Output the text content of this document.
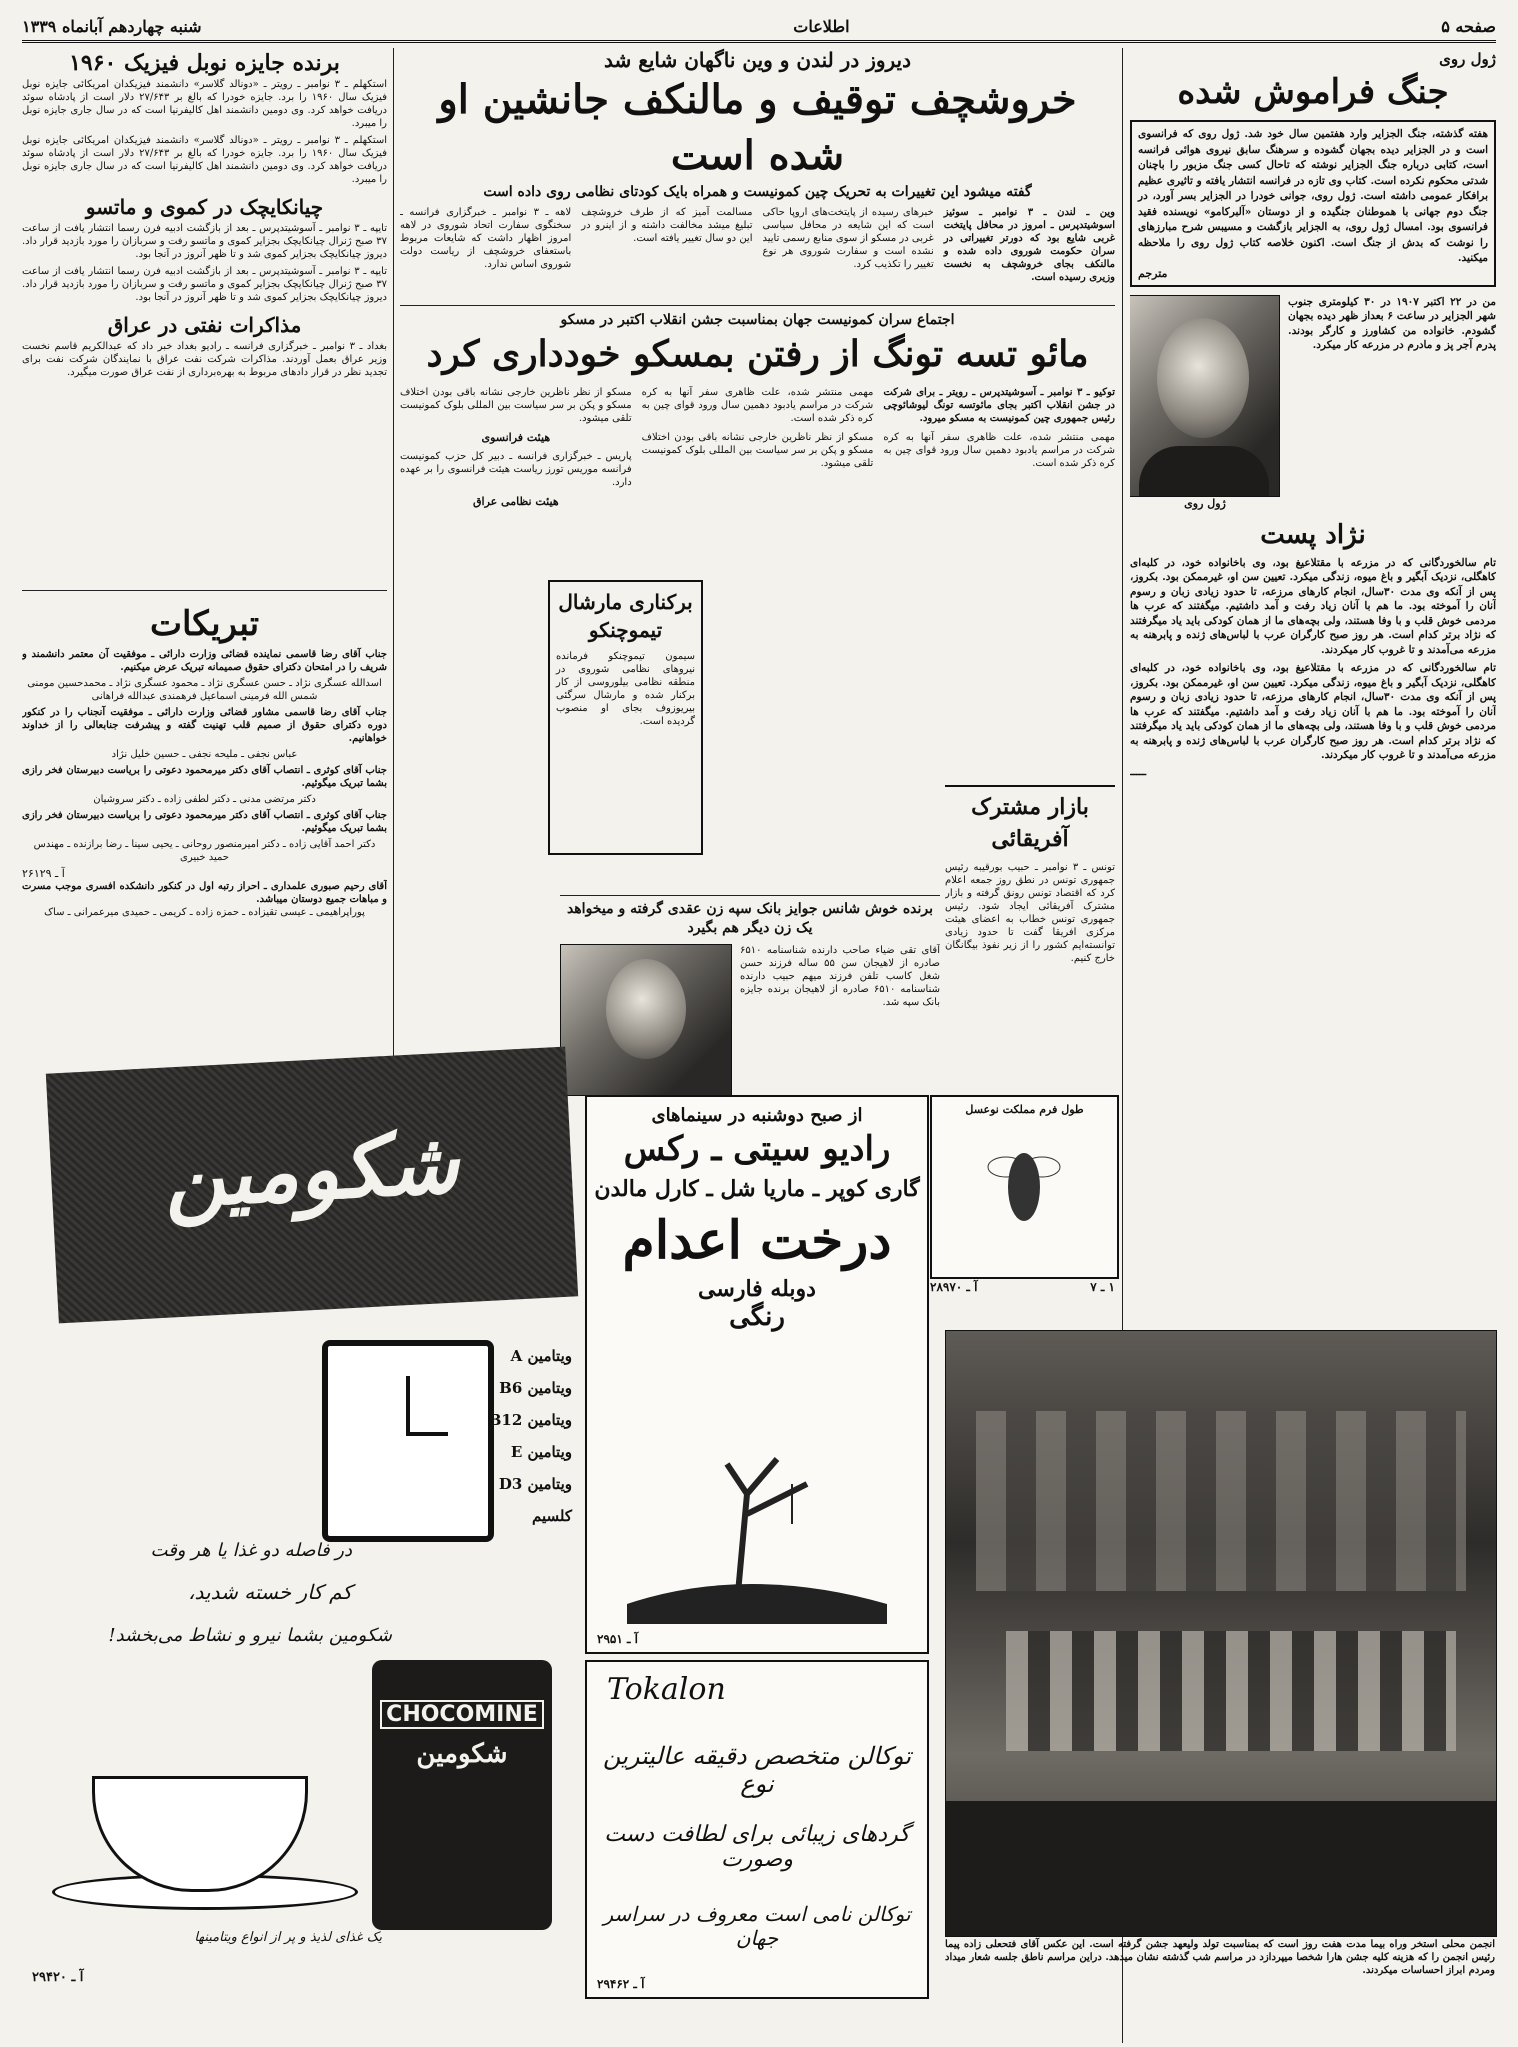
صفحه ۵
اطلاعات
شنبه چهاردهم آبانماه ۱۳۳۹
ژول روی
جنگ فراموش شده

هفته گذشته، جنگ الجزایر وارد هفتمین سال خود شد. ژول روی که فرانسوی است و در الجزایر دیده بجهان گشوده و سرهنگ سابق نیروی هوائی فرانسه است، کتابی درباره جنگ الجزایر نوشته که تاحال کسی جنگ مزبور را باچنان شدتی محکوم نکرده است. کتاب وی تازه در فرانسه انتشار یافته و تاثیری عظیم برافکار عمومی داشته است. ژول روی، جوانی خودرا در الجزایر بسر آورد، در جنگ دوم جهانی با هموطنان جنگیده و از دوستان «آلبرکامو» نویسنده فقید فرانسوی بود. امسال ژول روی، به الجزایر بازگشت و مسیبس شرح مبارزهای را نوشت که بدش از جنگ است. اکنون خلاصه کتاب ژول روی را ملاحظه میکنید.

مترجم

من در ۲۲ اکتبر ۱۹۰۷ در ۳۰ کیلومتری جنوب شهر الجزایر در ساعت ۶ بعداز ظهر دیده بجهان گشودم. خانواده من کشاورز و کارگر بودند. پدرم آجر پز و مادرم در مزرعه کار میکرد.

ژول روی
نژاد پست

تام سالخوردگانی که در مزرعه با مقتلاعیغ بود، وی باخانواده خود، در کلبه‌ای کاهگلی، نزدیک آبگیر و باغ میوه، زندگی میکرد. تعیین سن او، غیرممکن بود. بکروز، پس از آنکه وی مدت ۳۰سال، انجام کارهای مرزعه، تا حدود زیادی زبان و رسوم آنان را آموخته بود. ما هم با آنان زیاد رفت و آمد داشتیم. میگفتند که عرب ها مردمی خوش قلب و با وفا هستند، ولی بچه‌های ما از همان کودکی باید یاد میگرفتند که نژاد برتر کدام است. هر روز صبح کارگران عرب با لباس‌های ژنده و پابرهنه به مزرعه می‌آمدند و تا غروب کار میکردند.

تام سالخوردگانی که در مزرعه با مقتلاعیغ بود، وی باخانواده خود، در کلبه‌ای کاهگلی، نزدیک آبگیر و باغ میوه، زندگی میکرد. تعیین سن او، غیرممکن بود. بکروز، پس از آنکه وی مدت ۳۰سال، انجام کارهای مرزعه، تا حدود زیادی زبان و رسوم آنان را آموخته بود. ما هم با آنان زیاد رفت و آمد داشتیم. میگفتند که عرب ها مردمی خوش قلب و با وفا هستند، ولی بچه‌های ما از همان کودکی باید یاد میگرفتند که نژاد برتر کدام است. هر روز صبح کارگران عرب با لباس‌های ژنده و پابرهنه به مزرعه می‌آمدند و تا غروب کار میکردند.

ـــــ
دیروز در لندن و وین ناگهان شایع شد
خروشچف توقیف و مالنکف جانشین او شده است
گفته میشود این تغییرات به تحریک چین کمونیست و همراه بایک کودتای نظامی روی داده است

وین ـ لندن ـ ۳ نوامبر ـ سوئیز اسوشیتدپرس ـ امروز در محافل پایتخت غربی شایع بود که دورتر تغییراتی در سران حکومت شوروی داده شده و مالنکف بجای خروشچف به نخست وزیری رسیده است.

خبرهای رسیده از پایتخت‌های اروپا حاکی است که این شایعه در محافل سیاسی غربی در مسکو از سوی منابع رسمی تایید نشده است و سفارت شوروی هر نوع تغییر را تکذیب کرد.

مسالمت آمیز که از طرف خروشچف تبلیغ میشد مخالفت داشته و از اینرو در این دو سال تغییر یافته است.

لاهه ـ ۳ نوامبر ـ خبرگزاری فرانسه ـ سخنگوی سفارت اتحاد شوروی در لاهه امروز اظهار داشت که شایعات مربوط باستعفای خروشچف از ریاست دولت شوروی اساس ندارد.

اجتماع سران کمونیست جهان بمناسبت جشن انقلاب اکتبر در مسکو
مائو تسه تونگ از رفتن بمسکو خودداری کرد

توکیو ـ ۳ نوامبر ـ آسوشیتدپرس ـ رویتر ـ برای شرکت در جشن انقلاب اکتبر بجای مائوتسه تونگ لیوشائوچی رئیس جمهوری چین کمونیست به مسکو میرود.

مهمی منتشر شده، علت ظاهری سفر آنها به کره شرکت در مراسم یادبود دهمین سال ورود قوای چین به کره ذکر شده است.

مهمی منتشر شده، علت ظاهری سفر آنها به کره شرکت در مراسم یادبود دهمین سال ورود قوای چین به کره ذکر شده است.

مسکو از نظر ناظرین خارجی نشانه باقی بودن اختلاف مسکو و پکن بر سر سیاست بین المللی بلوک کمونیست تلقی میشود.

مسکو از نظر ناظرین خارجی نشانه باقی بودن اختلاف مسکو و پکن بر سر سیاست بین المللی بلوک کمونیست تلقی میشود.

هیئت فرانسوی

پاریس ـ خبرگزاری فرانسه ـ دبیر کل حزب کمونیست فرانسه موریس تورز ریاست هیئت فرانسوی را بر عهده دارد.

هیئت نظامی عراق
برکناری مارشال تیموچنکو

سیمون تیموچنکو فرمانده نیروهای نظامی شوروی در منطقه نظامی بیلوروسی از کار برکنار شده و مارشال سرگئی بیریوزوف بجای او منصوب گردیده است.

بازار مشترک آفریقائی

تونس ـ ۳ نوامبر ـ حبیب بورقیبه رئیس جمهوری تونس در نطق روز جمعه اعلام کرد که اقتصاد تونس رونق گرفته و بازار مشترک آفریقائی ایجاد شود. رئیس جمهوری تونس خطاب به اعضای هیئت مرکزی افریقا گفت تا حدود زیادی توانسته‌ایم کشور را از زیر نفوذ بیگانگان خارج کنیم.

برنده خوش شانس جوایز بانک سپه زن عقدی گرفته و میخواهد یک زن دیگر هم بگیرد

آقای تقی ضیاء صاحب دارنده شناسنامه ۶۵۱۰ صادره از لاهیجان سن ۵۵ ساله فرزند حسن شغل کاسب تلفن فرزند میهم حبیب دارنده شناسنامه ۶۵۱۰ صادره از لاهیجان برنده جایزه بانک سپه شد.

برنده جایزه نوبل فیزیک ۱۹۶۰

استکهلم ـ ۳ نوامبر ـ رویتر ـ «دونالد گلاسر» دانشمند فیزیکدان امریکائی جایزه نوبل فیزیک سال ۱۹۶۰ را برد. جایزه خودرا که بالغ بر ۲۷/۶۴۳ دلار است از پادشاه سوئد دریافت خواهد کرد. وی دومین دانشمند اهل کالیفرنیا است که در سال جاری جایزه نوبل را میبرد.

استکهلم ـ ۳ نوامبر ـ رویتر ـ «دونالد گلاسر» دانشمند فیزیکدان امریکائی جایزه نوبل فیزیک سال ۱۹۶۰ را برد. جایزه خودرا که بالغ بر ۲۷/۶۴۳ دلار است از پادشاه سوئد دریافت خواهد کرد. وی دومین دانشمند اهل کالیفرنیا است که در سال جاری جایزه نوبل را میبرد.

چیانکایچک در کموی و ماتسو

تایپه ـ ۳ نوامبر ـ آسوشیتدپرس ـ بعد از بازگشت ادبیه فرن رسما انتشار یافت از ساعت ۳۷ صبح ژنرال چیانکایچک بجزایر کموی و ماتسو رفت و سربازان را مورد بازدید قرار داد. دیروز چیانکایچک بجزایر کموی شد و تا ظهر آنروز در آنجا بود.

تایپه ـ ۳ نوامبر ـ آسوشیتدپرس ـ بعد از بازگشت ادبیه فرن رسما انتشار یافت از ساعت ۳۷ صبح ژنرال چیانکایچک بجزایر کموی و ماتسو رفت و سربازان را مورد بازدید قرار داد. دیروز چیانکایچک بجزایر کموی شد و تا ظهر آنروز در آنجا بود.

مذاکرات نفتی در عراق

بغداد ـ ۳ نوامبر ـ خبرگزاری فرانسه ـ رادیو بغداد خبر داد که عبدالکریم قاسم نخست وزیر عراق بعمل آوردند. مذاکرات شرکت نفت عراق با نمایندگان شرکت نفت برای تجدید نظر در قرار دادهای مربوط به بهره‌برداری از نفت عراق صورت میگیرد.

تبریکات

جناب آقای رضا قاسمی نماینده قضائی وزارت دارائی ـ موفقیت آن معتمر دانشمند و شریف را در امتحان دکترای حقوق صمیمانه تبریک عرض میکنیم.

اسدالله عسگری نژاد ـ حسن عسگری نژاد ـ محمود عسگری نژاد ـ محمدحسین مومنی شمس الله فرمینی اسماعیل فرهمندی عبدالله فراهانی

جناب آقای رضا قاسمی مشاور قضائی وزارت دارائی ـ موفقیت آنجناب را در کنکور دوره دکترای حقوق از صمیم قلب تهنیت گفته و پیشرفت جنابعالی را از خداوند خواهانیم.

عباس نجفی ـ ملیحه نجفی ـ حسین خلیل نژاد

جناب آقای کوثری ـ انتصاب آقای دکتر میرمحمود دعوتی را بریاست دبیرستان فخر رازی بشما تبریک میگوئیم.

دکتر مرتضی مدنی ـ دکتر لطفی زاده ـ دکتر سروشیان

جناب آقای کوثری ـ انتصاب آقای دکتر میرمحمود دعوتی را بریاست دبیرستان فخر رازی بشما تبریک میگوئیم.

دکتر احمد آقایی زاده ـ دکتر امیرمنصور روحانی ـ یحیی سینا ـ رضا برازنده ـ مهندس حمید خبیری

آ ـ ۲۶۱۲۹

آقای رحیم صبوری علمداری ـ احراز رتبه اول در کنکور دانشکده افسری موجب مسرت و مباهات جمیع دوستان میباشد.

پوراپراهیمی ـ عیسی تقیزاده ـ حمزه زاده ـ کریمی ـ حمیدی میرعمرانی ـ ساک

شکومین
ویتامین A
ویتامین B6
ویتامین B12
ویتامین E
ویتامین D3
کلسیم
در فاصله دو غذا یا هر وقت
کم کار خسته شدید،
شکومین بشما نیرو و نشاط می‌بخشد!
CHOCOMINE
شکومین
یک غذای لذیذ و پر از انواع ویتامینها
آ ـ ۲۹۴۲۰
از صبح دوشنبه در سینماهای
رادیو سیتی ـ رکس
گاری کوپر ـ ماریا شل ـ کارل مالدن
درخت اعدام
دوبله فارسی
رنگی
آ ـ ۲۹۵۱
طول فرم مملکت نوعسل
۱ ـ ۷
آ ـ ۲۸۹۷۰
Tokalon
توکالن متخصص دقیقه عالیترین نوع
گردهای زیبائی برای لطافت دست وصورت
توکالن نامی است معروف در سراسر جهان
آ ـ ۲۹۴۶۲

انجمن محلی استخر وراه بیما مدت هفت روز است که بمناسبت تولد ولیعهد جشن گرفته است. این عکس آقای فتحعلی زاده پیما رئیس انجمن را که هزینه کلیه جشن هارا شخصا میپردازد در مراسم شب گذشته نشان میدهد. دراین مراسم ناطق جلسه شعار میداد ومردم ابراز احساسات میکردند.
